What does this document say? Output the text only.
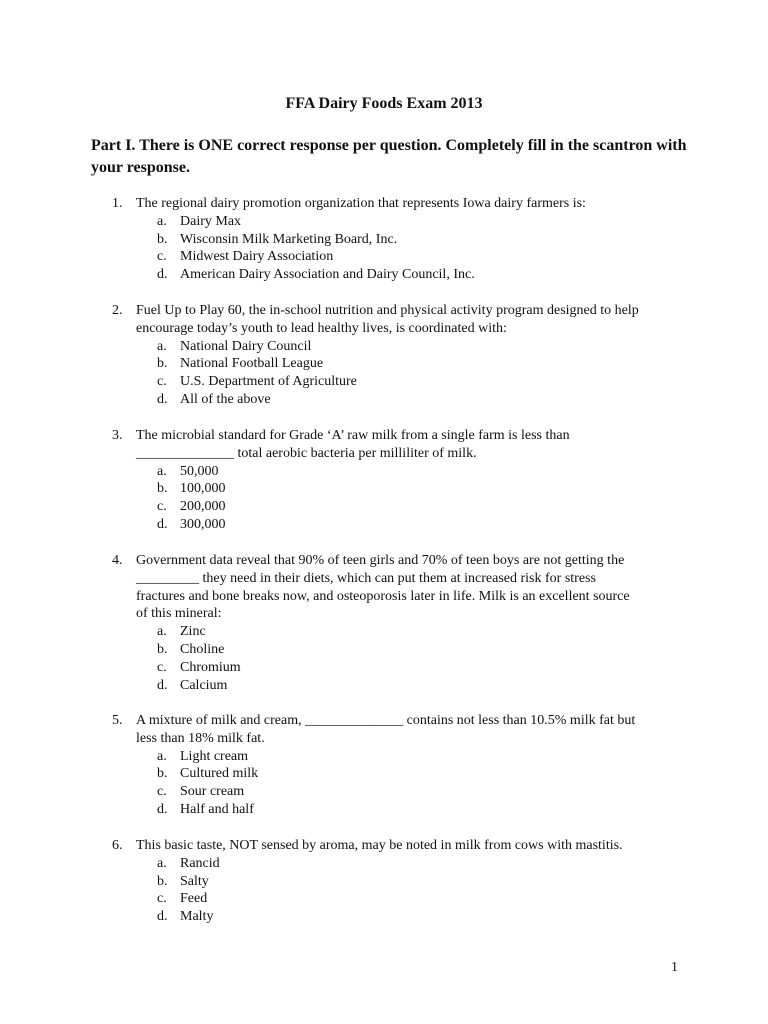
FFA Dairy Foods Exam 2013
Part I. There is ONE correct response per question. Completely fill in the scantron with your response.
1. The regional dairy promotion organization that represents Iowa dairy farmers is:
a. Dairy Max
b. Wisconsin Milk Marketing Board, Inc.
c. Midwest Dairy Association
d. American Dairy Association and Dairy Council, Inc.
2. Fuel Up to Play 60, the in-school nutrition and physical activity program designed to help
encourage today’s youth to lead healthy lives, is coordinated with:
a. National Dairy Council
b. National Football League
c. U.S. Department of Agriculture
d. All of the above
3. The microbial standard for Grade ‘A’ raw milk from a single farm is less than
______________ total aerobic bacteria per milliliter of milk.
a. 50,000
b. 100,000
c. 200,000
d. 300,000
4. Government data reveal that 90% of teen girls and 70% of teen boys are not getting the
_________ they need in their diets, which can put them at increased risk for stress
fractures and bone breaks now, and osteoporosis later in life. Milk is an excellent source
of this mineral:
a. Zinc
b. Choline
c. Chromium
d. Calcium
5. A mixture of milk and cream, ______________ contains not less than 10.5% milk fat but
less than 18% milk fat.
a. Light cream
b. Cultured milk
c. Sour cream
d. Half and half
6. This basic taste, NOT sensed by aroma, may be noted in milk from cows with mastitis.
a. Rancid
b. Salty
c. Feed
d. Malty
1
